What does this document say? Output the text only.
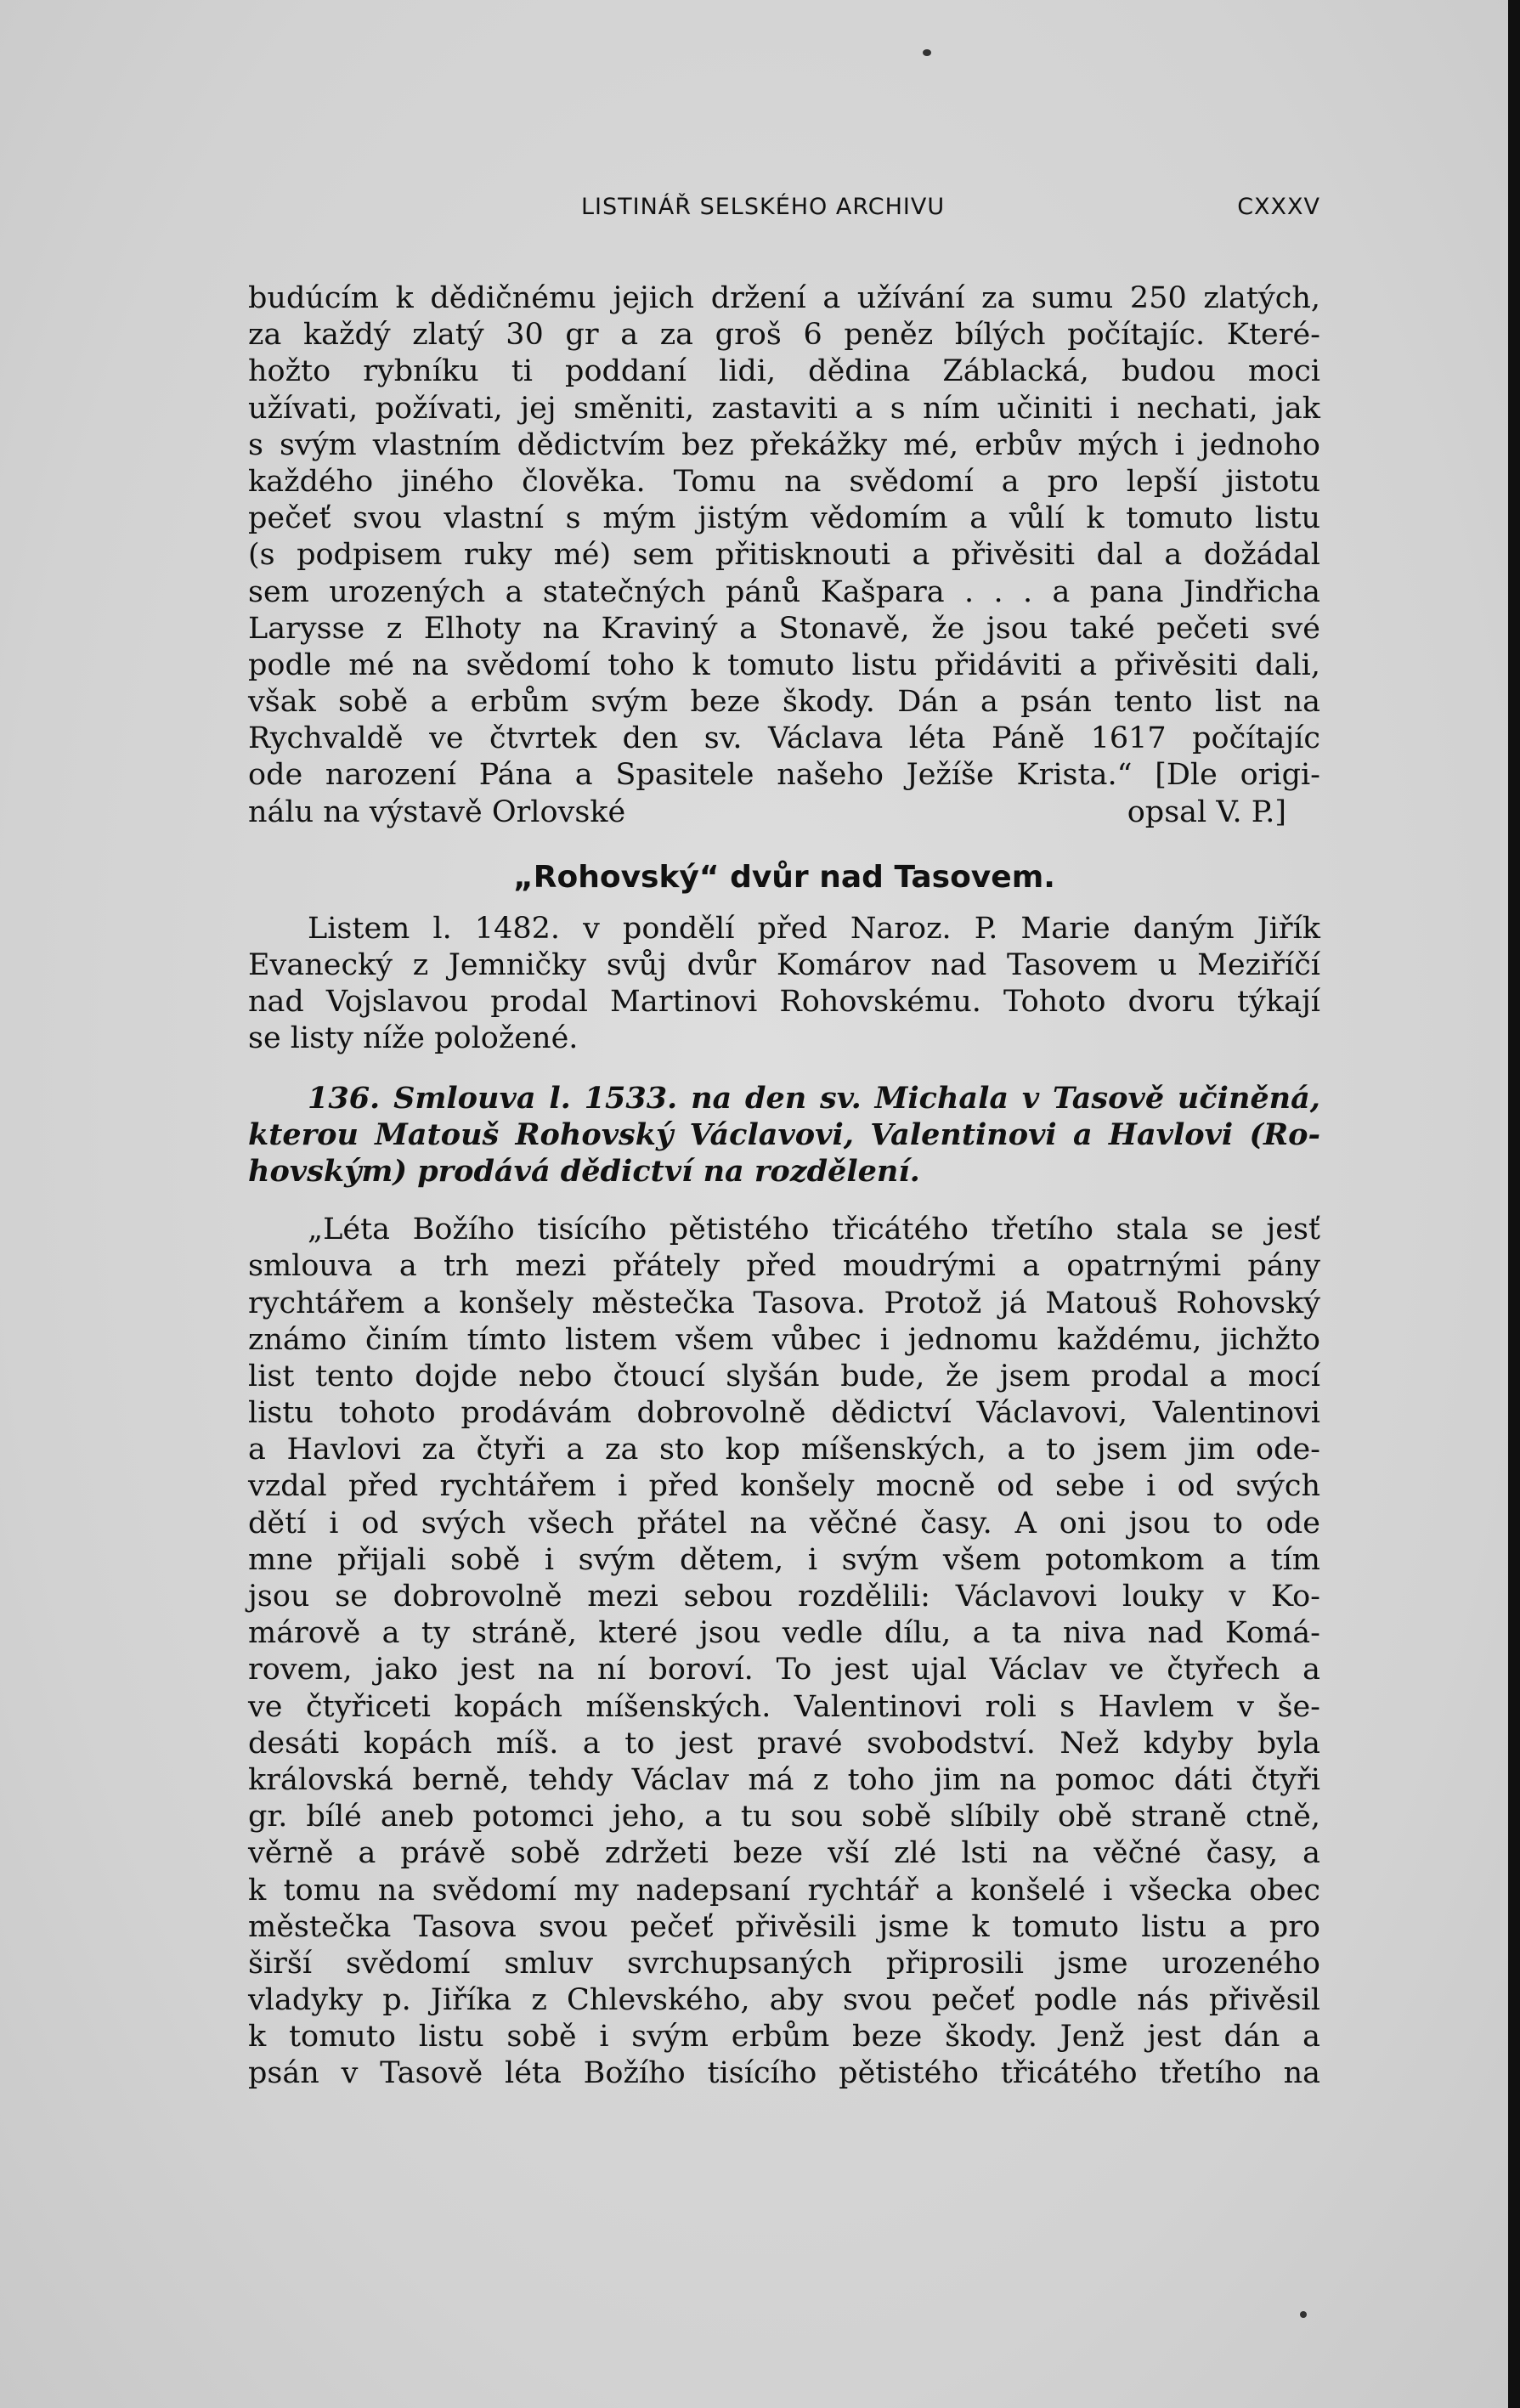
LISTINÁŘ SELSKÉHO ARCHIVU	CXXXV
budúcím k dědičnému jejich držení a užívání za sumu 250 zlatých,
za každý zlatý 30 gr a za groš 6 peněz bílých počítajíc. Které-
hožto rybníku ti poddaní lidi, dědina Záblacká, budou moci
užívati, požívati, jej směniti, zastaviti a s ním učiniti i nechati, jak
s svým vlastním dědictvím bez překážky mé, erbův mých i jednoho
každého jiného člověka. Tomu na svědomí a pro lepší jistotu
pečeť svou vlastní s mým jistým vědomím a vůlí k tomuto listu
(s podpisem ruky mé) sem přitisknouti a přivěsiti dal a dožádal
sem urozených a statečných pánů Kašpara . . . a pana Jindřicha
Larysse z Elhoty na Kraviný a Stonavě, že jsou také pečeti své
podle mé na svědomí toho k tomuto listu přidáviti a přivěsiti dali,
však sobě a erbům svým beze škody. Dán a psán tento list na
Rychvaldě ve čtvrtek den sv. Václava léta Páně 1617 počítajíc
ode narození Pána a Spasitele našeho Ježíše Krista.“ [Dle origi-
nálu na výstavě Orlovské	opsal V. P.]
„Rohovský“ dvůr nad Tasovem.
Listem l. 1482. v pondělí před Naroz. P. Marie daným Jiřík
Evanecký z Jemničky svůj dvůr Komárov nad Tasovem u Meziříčí
nad Vojslavou prodal Martinovi Rohovskému. Tohoto dvoru týkají
se listy níže položené.
136. Smlouva l. 1533. na den sv. Michala v Tasově učiněná,
kterou Matouš Rohovský Václavovi, Valentinovi a Havlovi (Ro-
hovským) prodává dědictví na rozdělení.
„Léta Božího tisícího pětistého třicátého třetího stala se jesť
smlouva a trh mezi přátely před moudrými a opatrnými pány
rychtářem a konšely městečka Tasova. Protož já Matouš Rohovský
známo činím tímto listem všem vůbec i jednomu každému, jichžto
list tento dojde nebo čtoucí slyšán bude, že jsem prodal a mocí
listu tohoto prodávám dobrovolně dědictví Václavovi, Valentinovi
a Havlovi za čtyři a za sto kop míšenských, a to jsem jim ode-
vzdal před rychtářem i před konšely mocně od sebe i od svých
dětí i od svých všech přátel na věčné časy. A oni jsou to ode
mne přijali sobě i svým dětem, i svým všem potomkom a tím
jsou se dobrovolně mezi sebou rozdělili: Václavovi louky v Ko-
márově a ty stráně, které jsou vedle dílu, a ta niva nad Komá-
rovem, jako jest na ní boroví. To jest ujal Václav ve čtyřech a
ve čtyřiceti kopách míšenských. Valentinovi roli s Havlem v še-
desáti kopách míš. a to jest pravé svobodství. Než kdyby byla
královská berně, tehdy Václav má z toho jim na pomoc dáti čtyři
gr. bílé aneb potomci jeho, a tu sou sobě slíbily obě straně ctně,
věrně a právě sobě zdržeti beze vší zlé lsti na věčné časy, a
k tomu na svědomí my nadepsaní rychtář a konšelé i všecka obec
městečka Tasova svou pečeť přivěsili jsme k tomuto listu a pro
širší svědomí smluv svrchupsaných připrosili jsme urozeného
vladyky p. Jiříka z Chlevského, aby svou pečeť podle nás přivěsil
k tomuto listu sobě i svým erbům beze škody. Jenž jest dán a
psán v Tasově léta Božího tisícího pětistého třicátého třetího na
